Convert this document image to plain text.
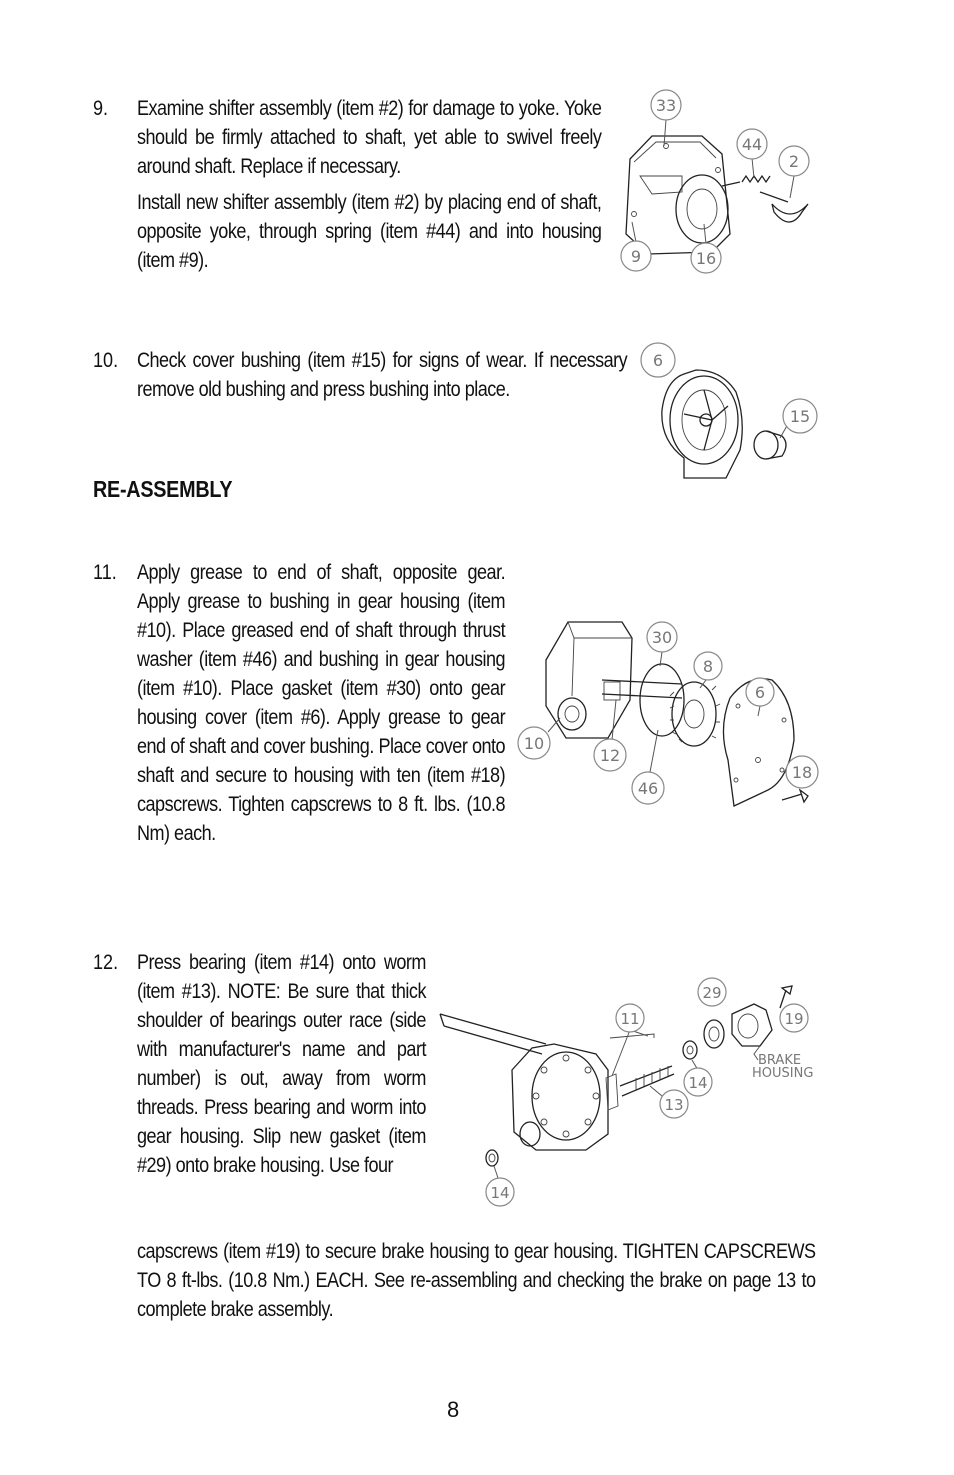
9. Examine shifter assembly (item #2) for damage to yoke. Yoke should be firmly attached to shaft, yet able to swivel freely around shaft. Replace if necessary.

Install new shifter assembly (item #2) by placing end of shaft, opposite yoke, through spring (item #44) and into housing (item #9).

10. Check cover bushing (item #15) for signs of wear. If necessary remove old bushing and press bushing into place.

RE-ASSEMBLY
11. Apply grease to end of shaft, opposite gear. Apply grease to bushing in gear housing (item #10). Place greased end of shaft through thrust washer (item #46) and bushing in gear housing (item #10). Place gasket (item #30) onto gear housing cover (item #6). Apply grease to gear end of shaft and cover bushing. Place cover onto shaft and secure to housing with ten (item #18) capscrews. Tighten capscrews to 8 ft. lbs. (10.8 Nm) each.

12. Press bearing (item #14) onto worm (item #13). NOTE: Be sure that thick shoulder of bearings outer race (side with manufacturer's name and part number) is out, away from worm threads. Press bearing and worm into gear housing. Slip new gasket (item #29) onto brake housing. Use four

capscrews (item #19) to secure brake housing to gear housing. TIGHTEN CAPSCREWS TO 8 ft-lbs. (10.8 Nm.) EACH. See re-assembling and checking the brake on page 13 to complete brake assembly.

8
33
44
2
9	16
6
15
30
8
6
10
12
46
18
29
19
11
14
13
14
BRAKE
HOUSING
